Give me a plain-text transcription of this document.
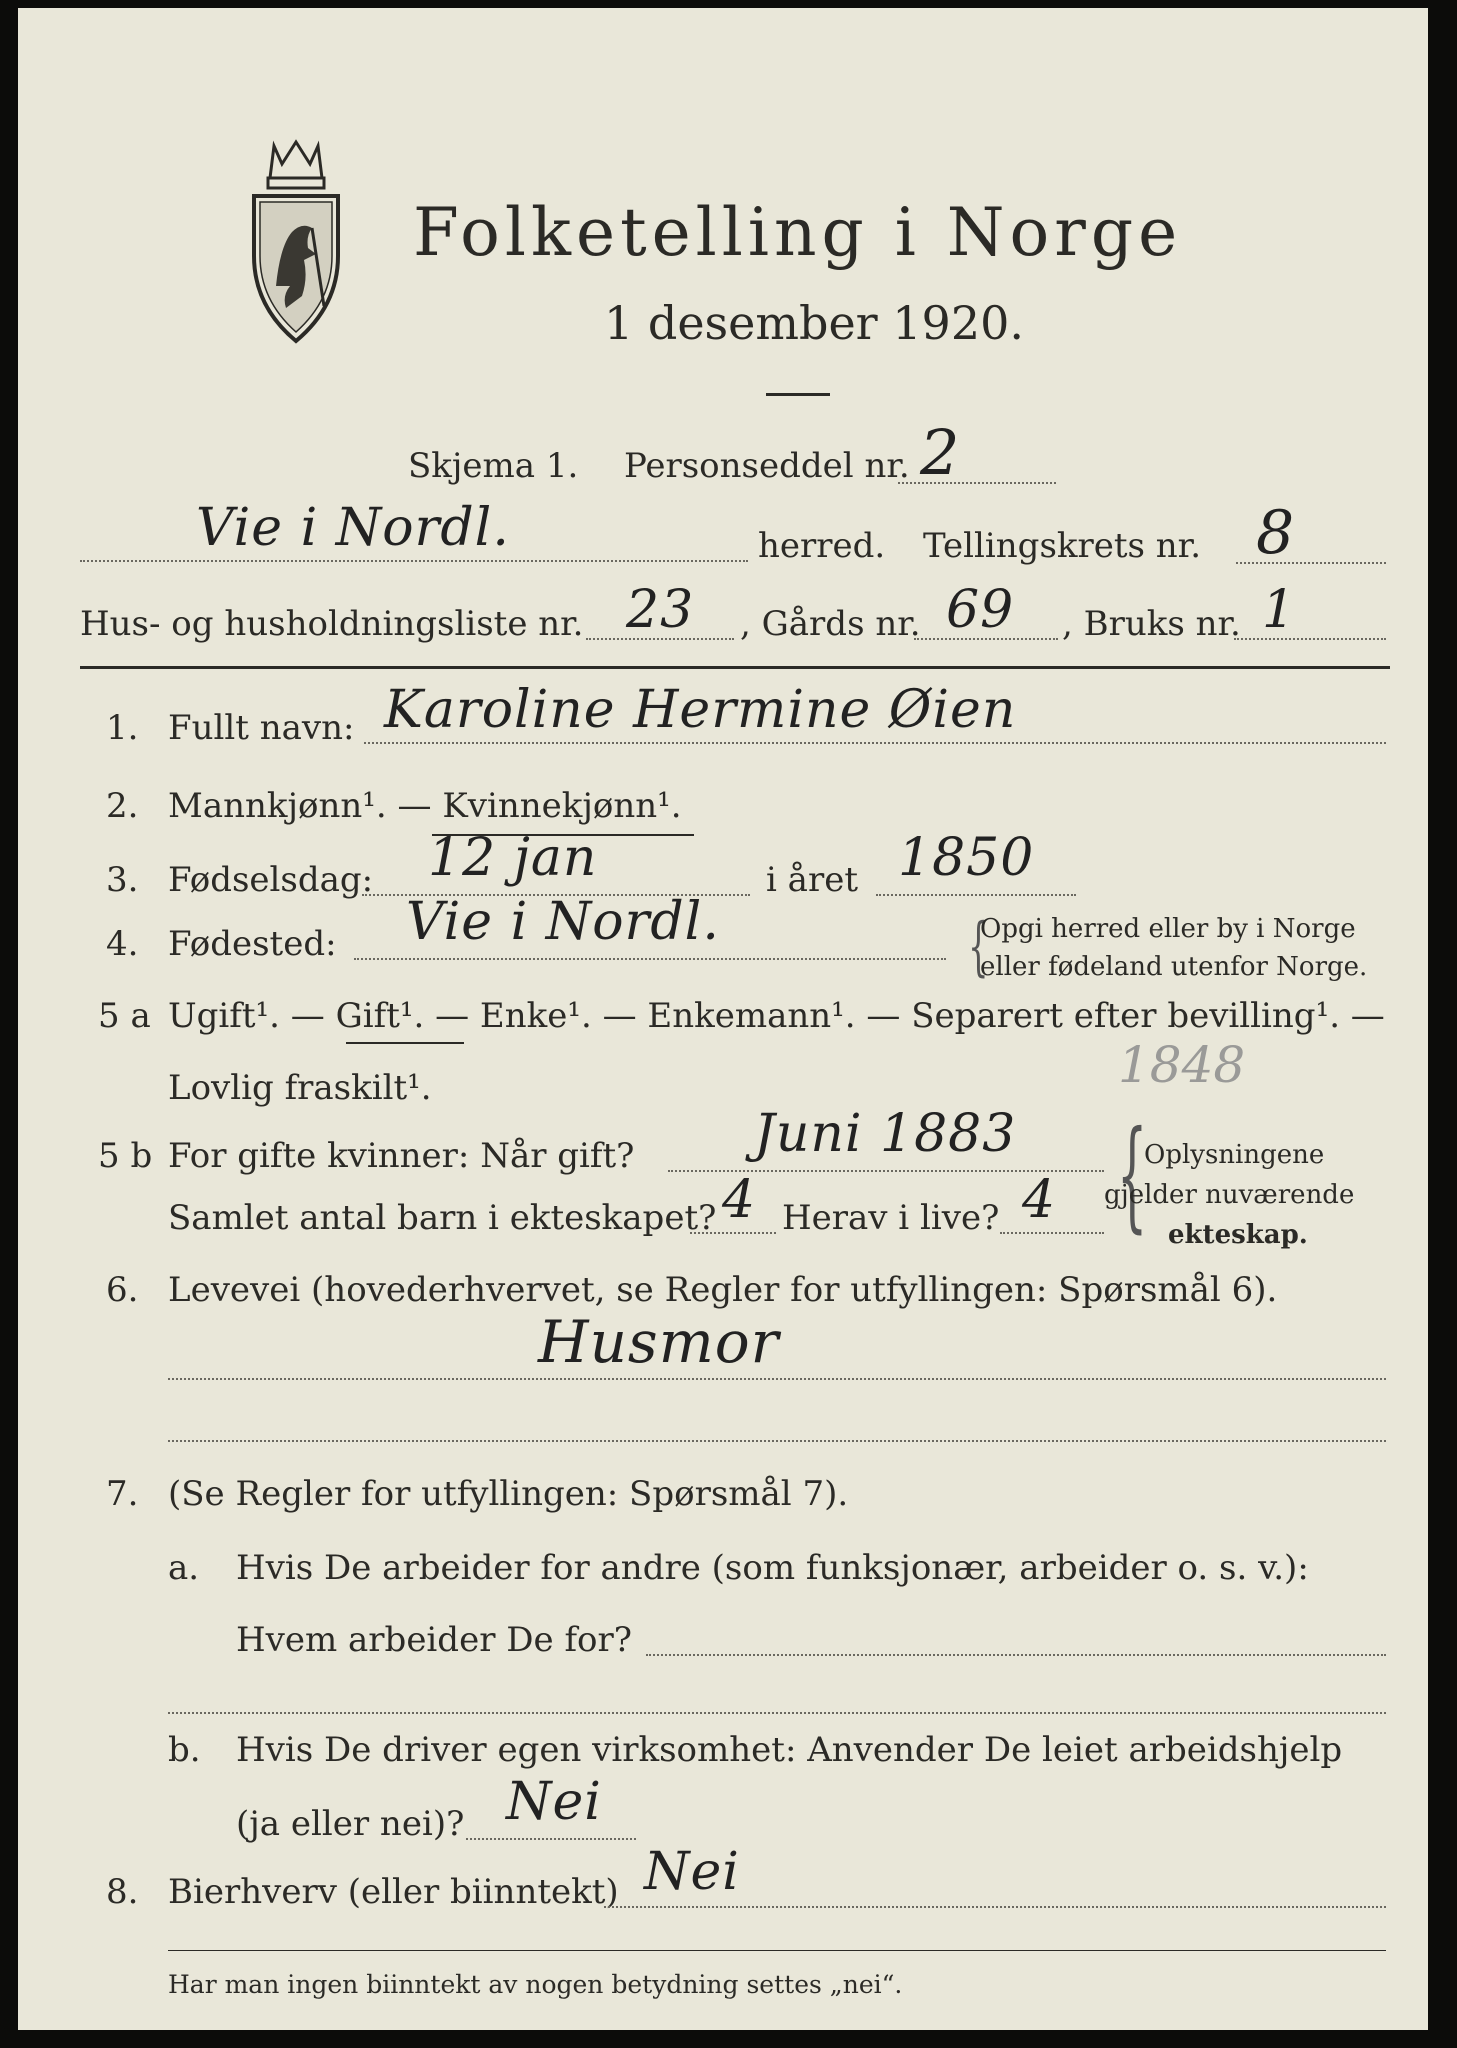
Folketelling i Norge
1 desember 1920.
Skjema 1. Personseddel nr. 2
Vie i Nordl.	herred. Tellingskrets nr. 8
Hus- og husholdningsliste nr. 23 , Gårds nr. 69 , Bruks nr. 1
1. Fullt navn: Karoline Hermine Øien
2. Mannkjønn¹. — Kvinnekjønn¹.
3. Fødselsdag: 12 jan	i året 1850
4. Fødested: Vie i Nordl.	{
Opgi herred eller by i Norge
eller fødeland utenfor Norge.
5 a Ugift¹. — Gift¹. — Enke¹. — Enkemann¹. — Separert efter bevilling¹. —
Lovlig fraskilt¹.	1848
5 b For gifte kvinner: Når gift? Juni 1883
Samlet antal barn i ekteskapet? 4 Herav i live? 4 {
Oplysningene
gjelder nuværende
ekteskap.
6. Levevei (hovederhvervet, se Regler for utfyllingen: Spørsmål 6).
Husmor
7. (Se Regler for utfyllingen: Spørsmål 7).
a. Hvis De arbeider for andre (som funksjonær, arbeider o. s. v.):
Hvem arbeider De for?
b. Hvis De driver egen virksomhet: Anvender De leiet arbeidshjelp
(ja eller nei)? Nei
8. Bierhverv (eller biinntekt) Nei
Har man ingen biinntekt av nogen betydning settes „nei“.
